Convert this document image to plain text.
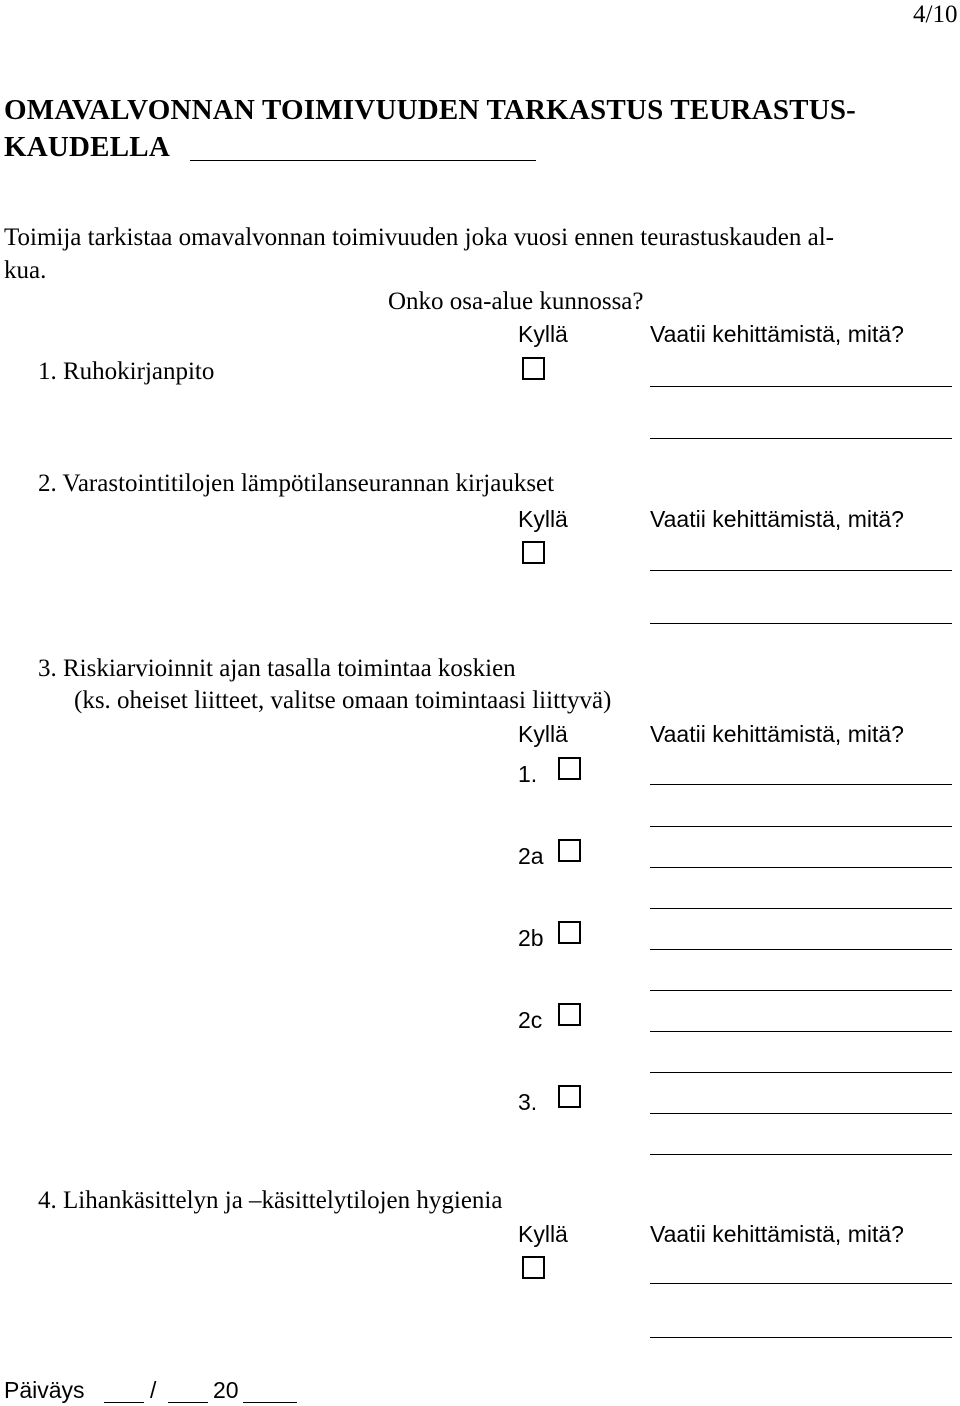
4/10
OMAVALVONNAN TOIMIVUUDEN TARKASTUS TEURASTUS-
KAUDELLA
Toimija tarkistaa omavalvonnan toimivuuden joka vuosi ennen teurastuskauden al-
kua.
Onko osa-alue kunnossa?
Kyllä	Vaatii kehittämistä, mitä?
1. Ruhokirjanpito
2. Varastointitilojen lämpötilanseurannan kirjaukset
Kyllä	Vaatii kehittämistä, mitä?
3. Riskiarvioinnit ajan tasalla toimintaa koskien
(ks. oheiset liitteet, valitse omaan toimintaasi liittyvä)
Kyllä	Vaatii kehittämistä, mitä?
1.
2a
2b
2c
3.
4. Lihankäsittelyn ja –käsittelytilojen hygienia
Kyllä	Vaatii kehittämistä, mitä?
Päiväys	/ 20
